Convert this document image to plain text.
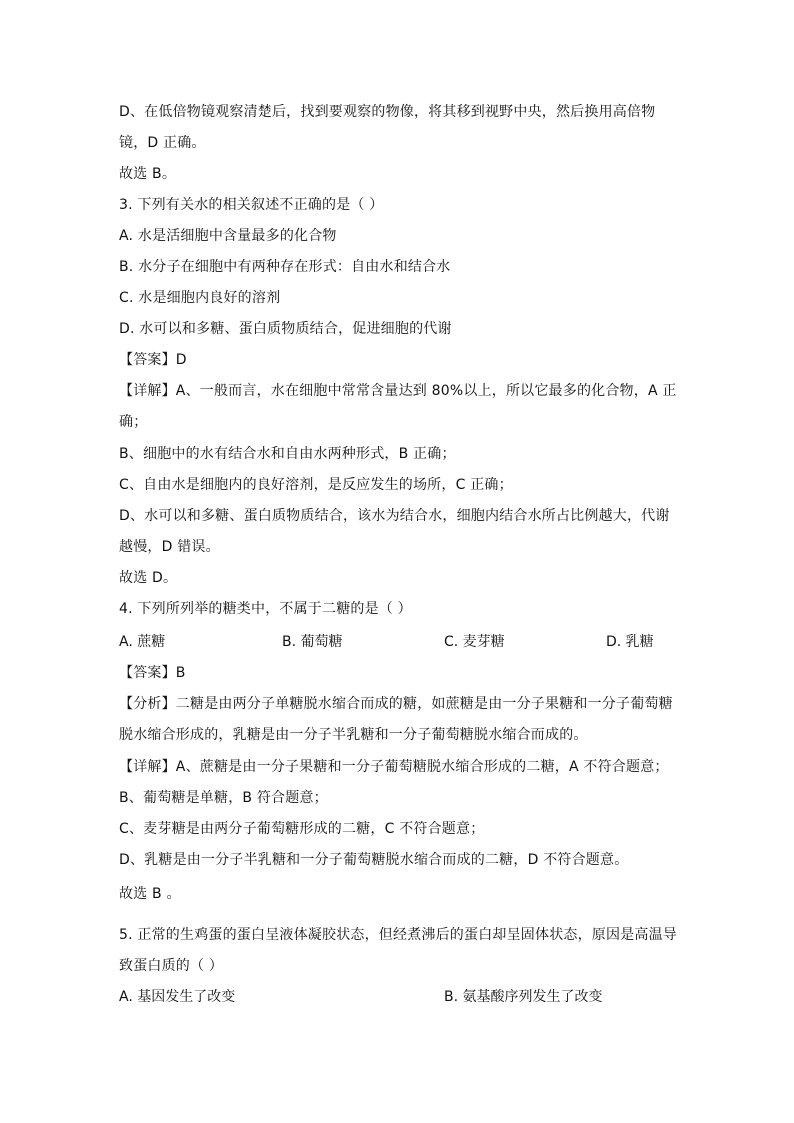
D、在低倍物镜观察清楚后，找到要观察的物像，将其移到视野中央，然后换用高倍物
镜，D 正确。
故选 B。
3. 下列有关水的相关叙述不正确的是（ ）
A. 水是活细胞中含量最多的化合物
B. 水分子在细胞中有两种存在形式：自由水和结合水
C. 水是细胞内良好的溶剂
D. 水可以和多糖、蛋白质物质结合，促进细胞的代谢
【答案】D
【详解】A、一般而言，水在细胞中常常含量达到 80%以上，所以它最多的化合物，A 正
确；
B、细胞中的水有结合水和自由水两种形式，B 正确；
C、自由水是细胞内的良好溶剂，是反应发生的场所，C 正确；
D、水可以和多糖、蛋白质物质结合，该水为结合水，细胞内结合水所占比例越大，代谢
越慢，D 错误。
故选 D。
4. 下列所列举的糖类中，不属于二糖的是（ ）
A. 蔗糖	B. 葡萄糖	C. 麦芽糖	D. 乳糖
【答案】B
【分析】二糖是由两分子单糖脱水缩合而成的糖，如蔗糖是由一分子果糖和一分子葡萄糖
脱水缩合形成的，乳糖是由一分子半乳糖和一分子葡萄糖脱水缩合而成的。
【详解】A、蔗糖是由一分子果糖和一分子葡萄糖脱水缩合形成的二糖，A 不符合题意；
B、葡萄糖是单糖，B 符合题意；
C、麦芽糖是由两分子葡萄糖形成的二糖，C 不符合题意；
D、乳糖是由一分子半乳糖和一分子葡萄糖脱水缩合而成的二糖，D 不符合题意。
故选 B 。
5. 正常的生鸡蛋的蛋白呈液体凝胶状态，但经煮沸后的蛋白却呈固体状态，原因是高温导
致蛋白质的（ ）
A. 基因发生了改变	B. 氨基酸序列发生了改变
